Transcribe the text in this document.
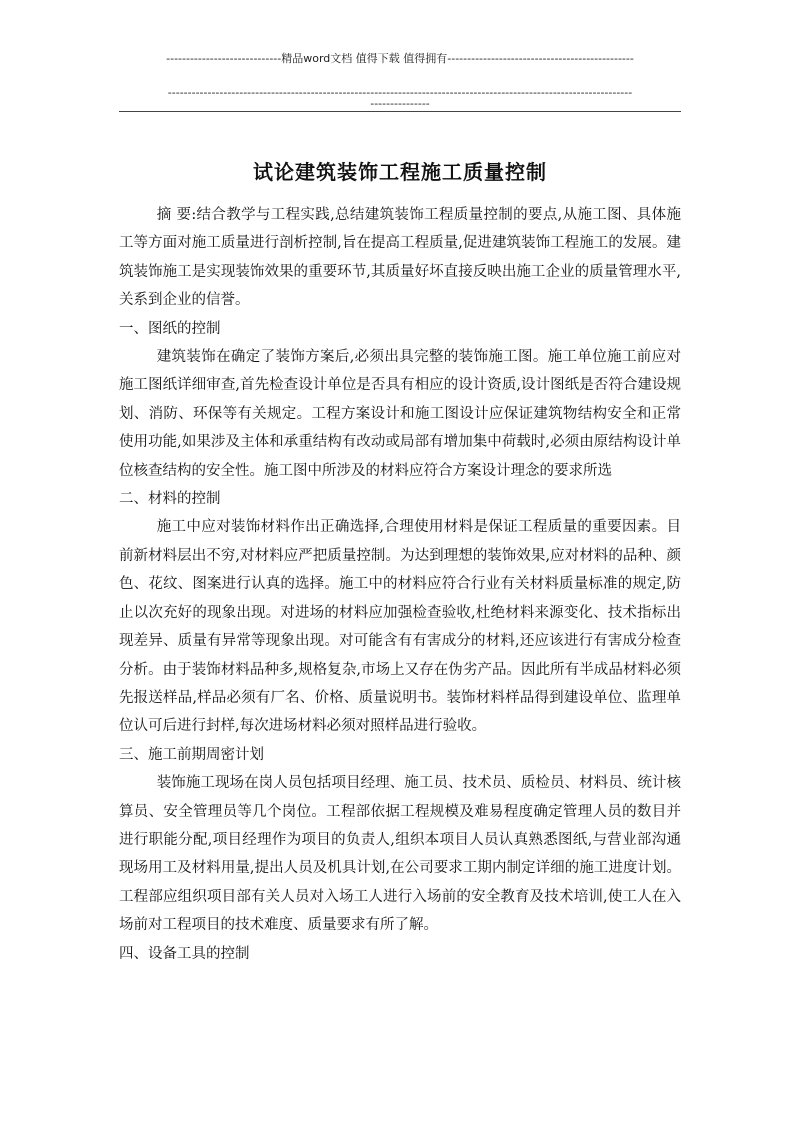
-----------------------------精品word文档 值得下载 值得拥有-----------------------------------------------
---------------------------------------------------------------------------------------------------------------------
---------------
试论建筑装饰工程施工质量控制

摘 要:结合教学与工程实践,总结建筑装饰工程质量控制的要点,从施工图、具体施工等方面对施工质量进行剖析控制,旨在提高工程质量,促进建筑装饰工程施工的发展。建筑装饰施工是实现装饰效果的重要环节,其质量好坏直接反映出施工企业的质量管理水平,关系到企业的信誉。

一、图纸的控制

建筑装饰在确定了装饰方案后,必须出具完整的装饰施工图。施工单位施工前应对施工图纸详细审查,首先检查设计单位是否具有相应的设计资质,设计图纸是否符合建设规划、消防、环保等有关规定。工程方案设计和施工图设计应保证建筑物结构安全和正常使用功能,如果涉及主体和承重结构有改动或局部有增加集中荷载时,必须由原结构设计单位核查结构的安全性。施工图中所涉及的材料应符合方案设计理念的要求所选

二、材料的控制

施工中应对装饰材料作出正确选择,合理使用材料是保证工程质量的重要因素。目前新材料层出不穷,对材料应严把质量控制。为达到理想的装饰效果,应对材料的品种、颜色、花纹、图案进行认真的选择。施工中的材料应符合行业有关材料质量标准的规定,防止以次充好的现象出现。对进场的材料应加强检查验收,杜绝材料来源变化、技术指标出现差异、质量有异常等现象出现。对可能含有有害成分的材料,还应该进行有害成分检查分析。由于装饰材料品种多,规格复杂,市场上又存在伪劣产品。因此所有半成品材料必须先报送样品,样品必须有厂名、价格、质量说明书。装饰材料样品得到建设单位、监理单位认可后进行封样,每次进场材料必须对照样品进行验收。

三、施工前期周密计划

装饰施工现场在岗人员包括项目经理、施工员、技术员、质检员、材料员、统计核算员、安全管理员等几个岗位。工程部依据工程规模及难易程度确定管理人员的数目并进行职能分配,项目经理作为项目的负责人,组织本项目人员认真熟悉图纸,与营业部沟通现场用工及材料用量,提出人员及机具计划,在公司要求工期内制定详细的施工进度计划。工程部应组织项目部有关人员对入场工人进行入场前的安全教育及技术培训,使工人在入场前对工程项目的技术难度、质量要求有所了解。

四、设备工具的控制
